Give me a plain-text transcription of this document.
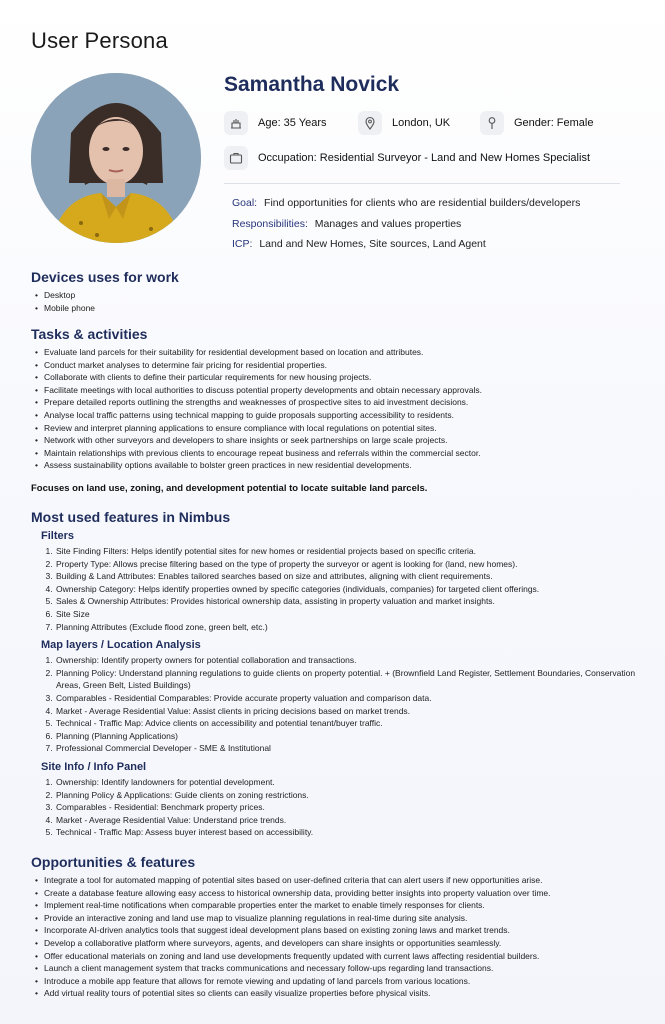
User Persona
Samantha Novick
Age: 35 Years	London, UK	Gender: Female
Occupation: Residential Surveyor - Land and New Homes Specialist
Goal: Find opportunities for clients who are residential builders/developers
Responsibilities: Manages and values properties
ICP: Land and New Homes, Site sources, Land Agent
Devices uses for work
• Desktop
• Mobile phone
Tasks & activities
• Evaluate land parcels for their suitability for residential development based on location and attributes.
• Conduct market analyses to determine fair pricing for residential properties.
• Collaborate with clients to define their particular requirements for new housing projects.
• Facilitate meetings with local authorities to discuss potential property developments and obtain necessary approvals.
• Prepare detailed reports outlining the strengths and weaknesses of prospective sites to aid investment decisions.
• Analyse local traffic patterns using technical mapping to guide proposals supporting accessibility to residents.
• Review and interpret planning applications to ensure compliance with local regulations on potential sites.
• Network with other surveyors and developers to share insights or seek partnerships on large scale projects.
• Maintain relationships with previous clients to encourage repeat business and referrals within the commercial sector.
• Assess sustainability options available to bolster green practices in new residential developments.
Focuses on land use, zoning, and development potential to locate suitable land parcels.
Most used features in Nimbus
Filters
1. Site Finding Filters: Helps identify potential sites for new homes or residential projects based on specific criteria.
2. Property Type: Allows precise filtering based on the type of property the surveyor or agent is looking for (land, new homes).
3. Building & Land Attributes: Enables tailored searches based on size and attributes, aligning with client requirements.
4. Ownership Category: Helps identify properties owned by specific categories (individuals, companies) for targeted client offerings.
5. Sales & Ownership Attributes: Provides historical ownership data, assisting in property valuation and market insights.
6. Site Size
7. Planning Attributes (Exclude flood zone, green belt, etc.)
Map layers / Location Analysis
1. Ownership: Identify property owners for potential collaboration and transactions.
2. Planning Policy: Understand planning regulations to guide clients on property potential. + (Brownfield Land Register, Settlement Boundaries, Conservation Areas, Green Belt, Listed Buildings)
3. Comparables - Residential Comparables: Provide accurate property valuation and comparison data.
4. Market - Average Residential Value: Assist clients in pricing decisions based on market trends.
5. Technical - Traffic Map: Advice clients on accessibility and potential tenant/buyer traffic.
6. Planning (Planning Applications)
7. Professional Commercial Developer - SME & Institutional
Site Info / Info Panel
1. Ownership: Identify landowners for potential development.
2. Planning Policy & Applications: Guide clients on zoning restrictions.
3. Comparables - Residential: Benchmark property prices.
4. Market - Average Residential Value: Understand price trends.
5. Technical - Traffic Map: Assess buyer interest based on accessibility.
Opportunities & features
• Integrate a tool for automated mapping of potential sites based on user-defined criteria that can alert users if new opportunities arise.
• Create a database feature allowing easy access to historical ownership data, providing better insights into property valuation over time.
• Implement real-time notifications when comparable properties enter the market to enable timely responses for clients.
• Provide an interactive zoning and land use map to visualize planning regulations in real-time during site analysis.
• Incorporate AI-driven analytics tools that suggest ideal development plans based on existing zoning laws and market trends.
• Develop a collaborative platform where surveyors, agents, and developers can share insights or opportunities seamlessly.
• Offer educational materials on zoning and land use developments frequently updated with current laws affecting residential builders.
• Launch a client management system that tracks communications and necessary follow-ups regarding land transactions.
• Introduce a mobile app feature that allows for remote viewing and updating of land parcels from various locations.
• Add virtual reality tours of potential sites so clients can easily visualize properties before physical visits.
